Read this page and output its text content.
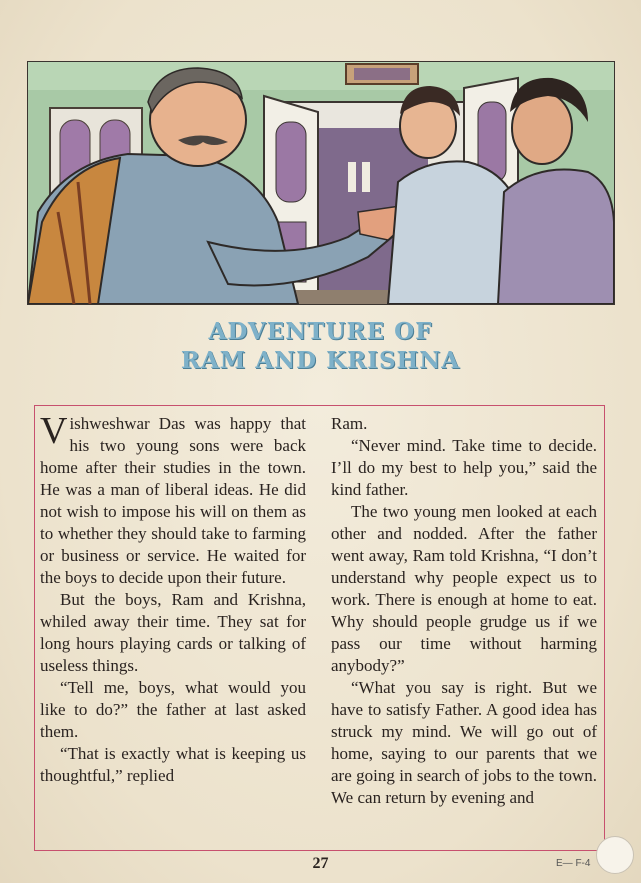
ADVENTURE OF
RAM AND KRISHNA

Vishweshwar Das was happy that his two young sons were back home after their studies in the town. He was a man of liberal ideas. He did not wish to impose his will on them as to whether they should take to farming or business or service. He waited for the boys to decide upon their future.

But the boys, Ram and Krishna, whiled away their time. They sat for long hours playing cards or talking of useless things.

“Tell me, boys, what would you like to do?” the father at last asked them.

“That is exactly what is keeping us thoughtful,” replied

Ram.

“Never mind. Take time to decide. I’ll do my best to help you,” said the kind father.

The two young men looked at each other and nodded. After the father went away, Ram told Krishna, “I don’t understand why people expect us to work. There is enough at home to eat. Why should people grudge us if we pass our time without harming anybody?”

“What you say is right. But we have to satisfy Father. A good idea has struck my mind. We will go out of home, saying to our parents that we are going in search of jobs to the town. We can return by evening and

27	E— F-4
